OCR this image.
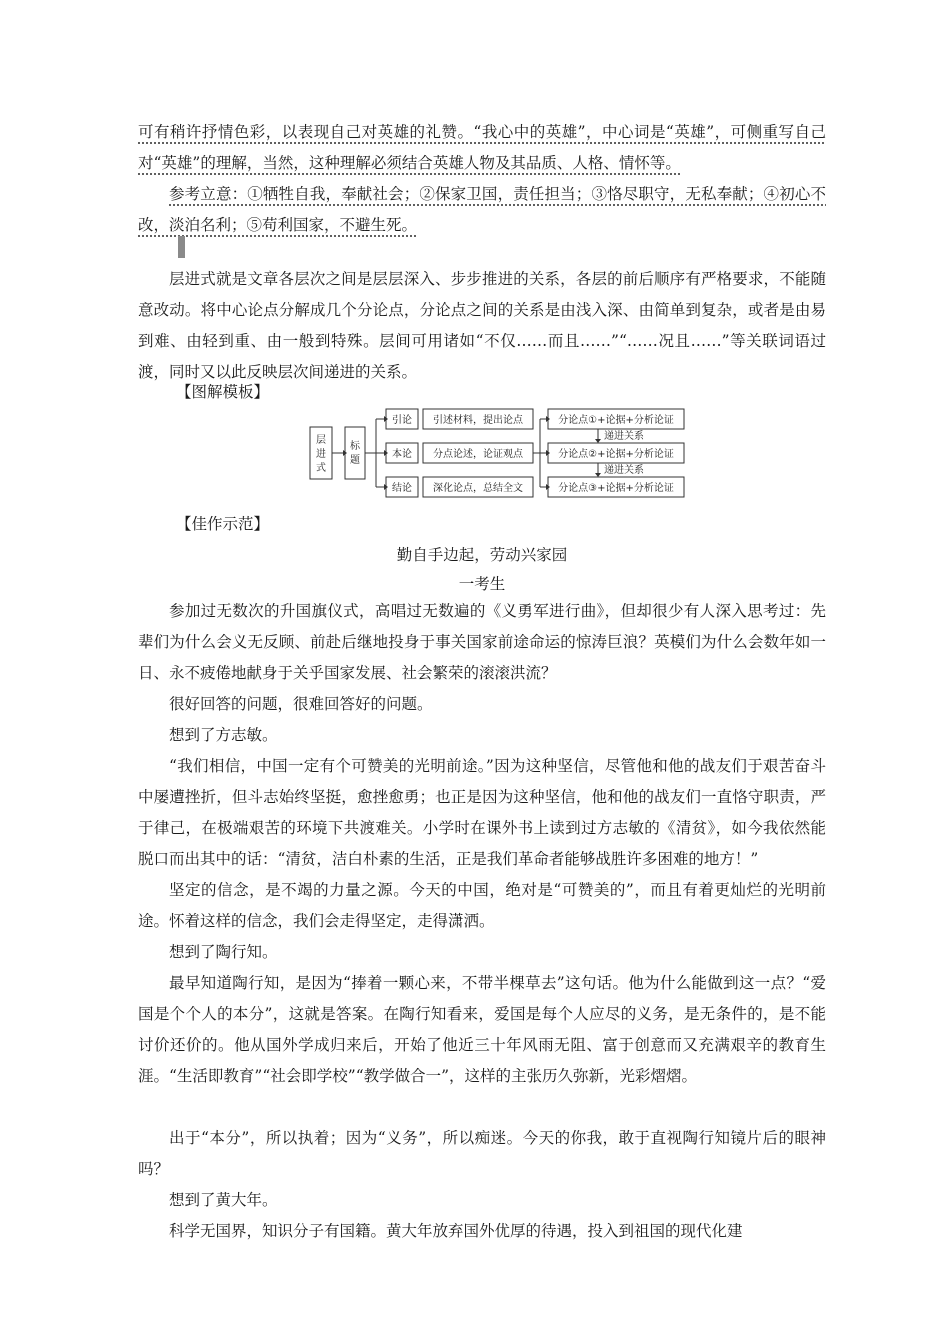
可有稍许抒情色彩，以表现自己对英雄的礼赞。“我心中的英雄”，中心词是“英雄”，可侧重写自己对“英雄”的理解，当然，这种理解必须结合英雄人物及其品质、人格、情怀等。

参考立意：①牺牲自我，奉献社会；②保家卫国，责任担当；③恪尽职守，无私奉献；④初心不改，淡泊名利；⑤苟利国家，不避生死。

层进式就是文章各层次之间是层层深入、步步推进的关系，各层的前后顺序有严格要求，不能随意改动。将中心论点分解成几个分论点，分论点之间的关系是由浅入深、由简单到复杂，或者是由易到难、由轻到重、由一般到特殊。层间可用诸如“不仅……而且……”“……况且……”等关联词语过渡，同时又以此反映层次间递进的关系。

【图解模板】

层
进
式
标
题
引论
本论
结论
引述材料，提出论点
分点论述，论证观点
深化论点，总结全文
分论点①+论据+分析论证
分论点②+论据+分析论证
分论点③+论据+分析论证
递进关系
递进关系

【佳作示范】

勤自手边起，劳动兴家园

一考生

参加过无数次的升国旗仪式，高唱过无数遍的《义勇军进行曲》，但却很少有人深入思考过：先辈们为什么会义无反顾、前赴后继地投身于事关国家前途命运的惊涛巨浪？英模们为什么会数年如一日、永不疲倦地献身于关乎国家发展、社会繁荣的滚滚洪流？

很好回答的问题，很难回答好的问题。

想到了方志敏。

“我们相信，中国一定有个可赞美的光明前途。”因为这种坚信，尽管他和他的战友们于艰苦奋斗中屡遭挫折，但斗志始终坚挺，愈挫愈勇；也正是因为这种坚信，他和他的战友们一直恪守职责，严于律己，在极端艰苦的环境下共渡难关。小学时在课外书上读到过方志敏的《清贫》，如今我依然能脱口而出其中的话：“清贫，洁白朴素的生活，正是我们革命者能够战胜许多困难的地方！”

坚定的信念，是不竭的力量之源。今天的中国，绝对是“可赞美的”，而且有着更灿烂的光明前途。怀着这样的信念，我们会走得坚定，走得潇洒。

想到了陶行知。

最早知道陶行知，是因为“捧着一颗心来，不带半棵草去”这句话。他为什么能做到这一点？“爱国是个个人的本分”，这就是答案。在陶行知看来，爱国是每个人应尽的义务，是无条件的，是不能讨价还价的。他从国外学成归来后，开始了他近三十年风雨无阻、富于创意而又充满艰辛的教育生涯。“生活即教育”“社会即学校”“教学做合一”，这样的主张历久弥新，光彩熠熠。

出于“本分”，所以执着；因为“义务”，所以痴迷。今天的你我，敢于直视陶行知镜片后的眼神吗？

想到了黄大年。

科学无国界，知识分子有国籍。黄大年放弃国外优厚的待遇，投入到祖国的现代化建
